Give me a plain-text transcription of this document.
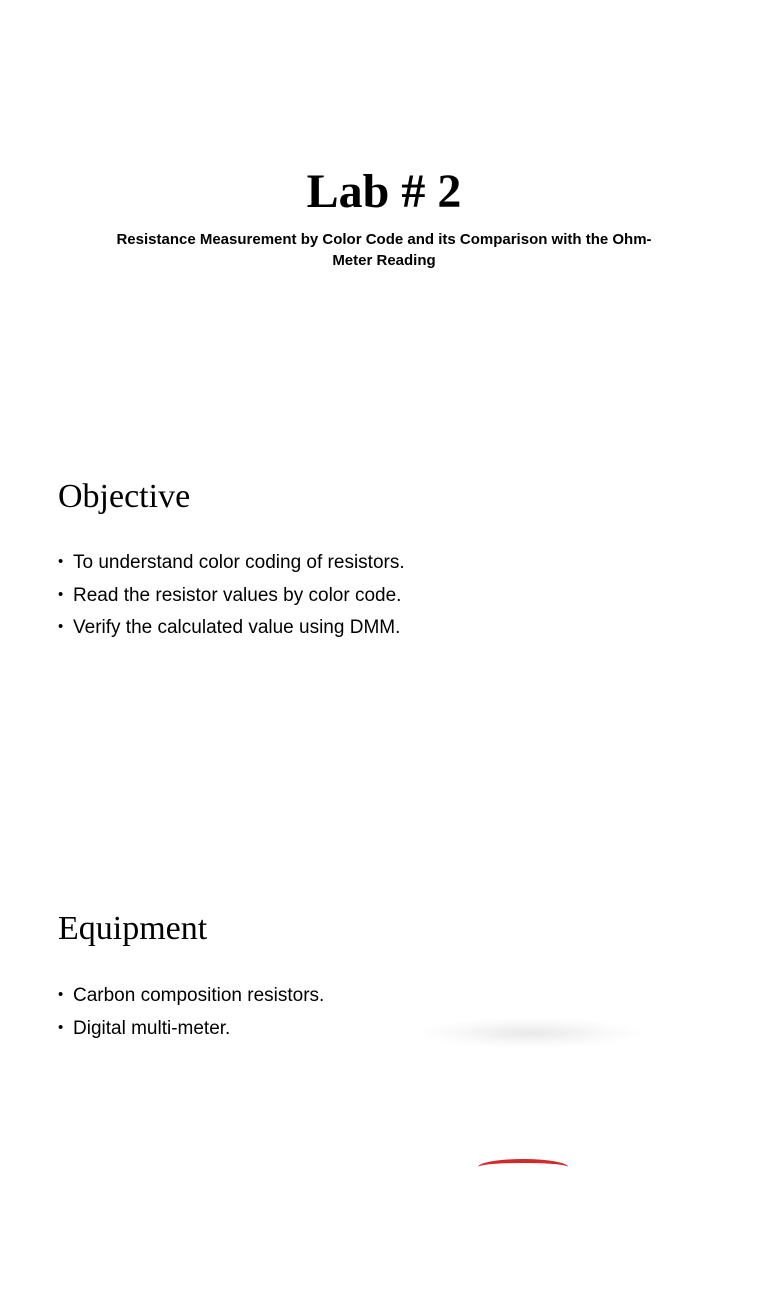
Lab # 2
Resistance Measurement by Color Code and its Comparison with the Ohm-Meter Reading
Objective
• To understand color coding of resistors.
• Read the resistor values by color code.
• Verify the calculated value using DMM.
Equipment
• Carbon composition resistors.
• Digital multi-meter.
